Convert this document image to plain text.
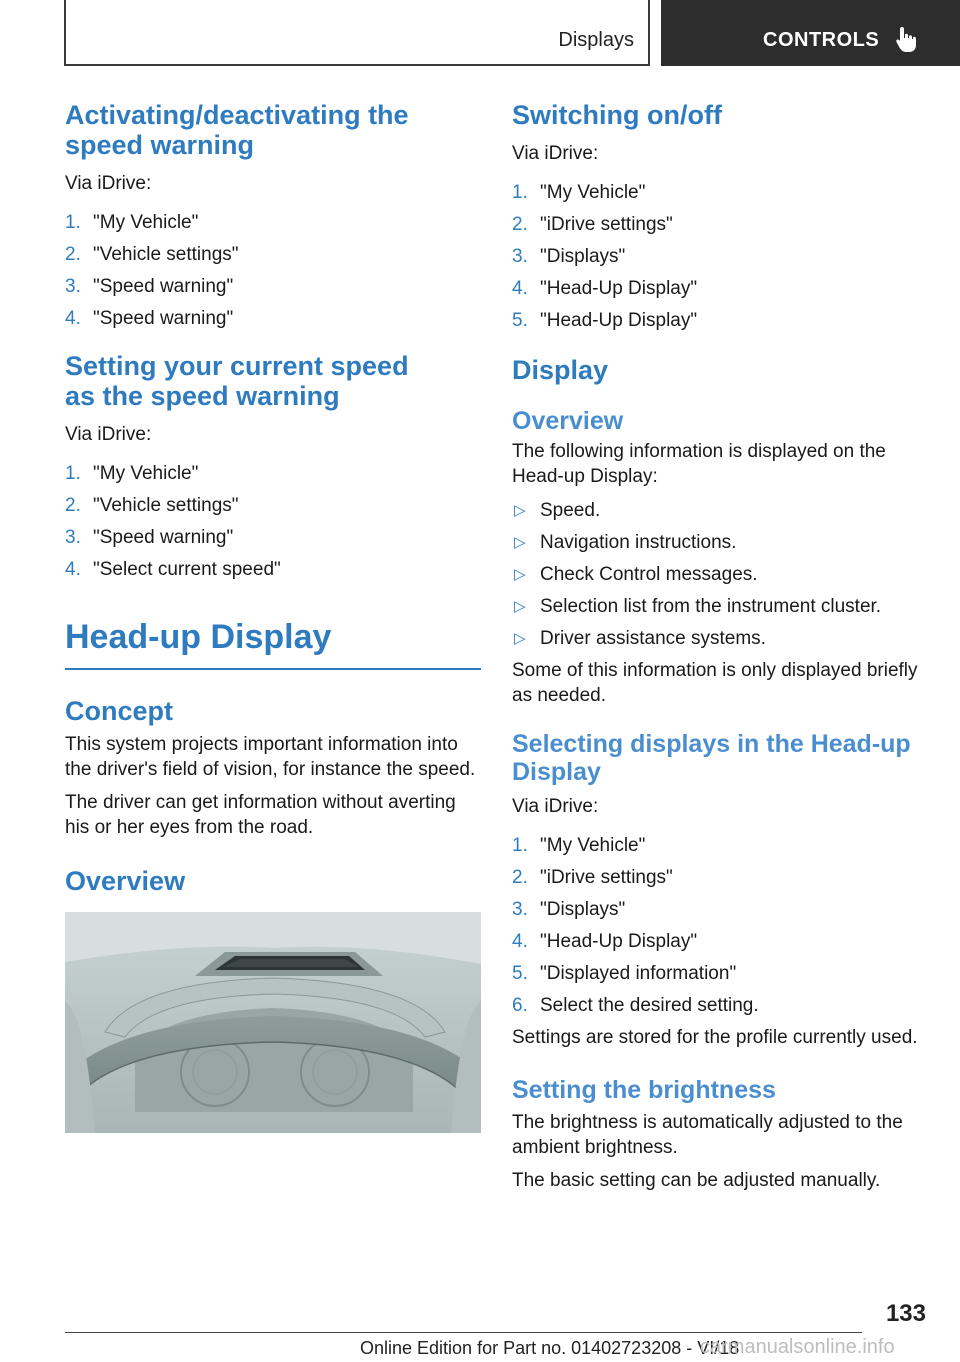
Displays	CONTROLS
Activating/deactivating the speed warning
Via iDrive:
1. "My Vehicle"
2. "Vehicle settings"
3. "Speed warning"
4. "Speed warning"
Setting your current speed as the speed warning
Via iDrive:
1. "My Vehicle"
2. "Vehicle settings"
3. "Speed warning"
4. "Select current speed"
Head-up Display
Concept
This system projects important information into the driver's field of vision, for instance the speed.
The driver can get information without averting his or her eyes from the road.
Overview
Switching on/off
Via iDrive:
1. "My Vehicle"
2. "iDrive settings"
3. "Displays"
4. "Head-Up Display"
5. "Head-Up Display"
Display
Overview
The following information is displayed on the Head-up Display:
▷ Speed.
▷ Navigation instructions.
▷ Check Control messages.
▷ Selection list from the instrument cluster.
▷ Driver assistance systems.
Some of this information is only displayed briefly as needed.
Selecting displays in the Head-up Display
Via iDrive:
1. "My Vehicle"
2. "iDrive settings"
3. "Displays"
4. "Head-Up Display"
5. "Displayed information"
6. Select the desired setting.
Settings are stored for the profile currently used.
Setting the brightness
The brightness is automatically adjusted to the ambient brightness.
The basic setting can be adjusted manually.
133
Online Edition for Part no. 01402723208 - VI/18
carmanualsonline.info
